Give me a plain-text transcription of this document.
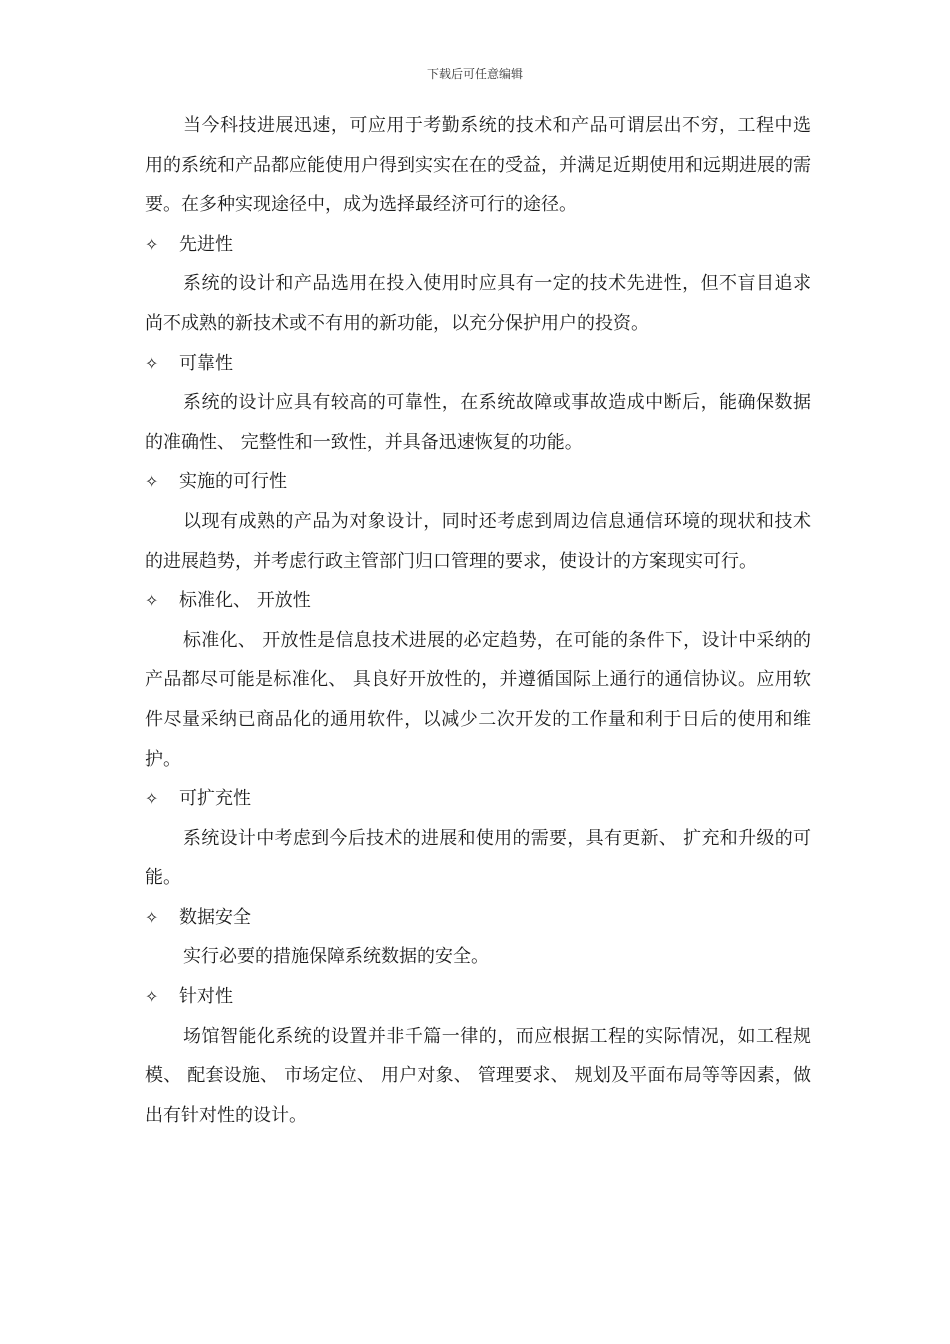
下载后可任意编辑

当今科技进展迅速，可应用于考勤系统的技术和产品可谓层出不穷，工程中选用的系统和产品都应能使用户得到实实在在的受益，并满足近期使用和远期进展的需要。在多种实现途径中，成为选择最经济可行的途径。

✧	先进性

系统的设计和产品选用在投入使用时应具有一定的技术先进性，但不盲目追求尚不成熟的新技术或不有用的新功能，以充分保护用户的投资。

✧	可靠性

系统的设计应具有较高的可靠性，在系统故障或事故造成中断后，能确保数据的准确性、 完整性和一致性，并具备迅速恢复的功能。

✧	实施的可行性

以现有成熟的产品为对象设计，同时还考虑到周边信息通信环境的现状和技术的进展趋势，并考虑行政主管部门归口管理的要求，使设计的方案现实可行。

✧	标准化、 开放性

标准化、 开放性是信息技术进展的必定趋势，在可能的条件下，设计中采纳的产品都尽可能是标准化、 具良好开放性的，并遵循国际上通行的通信协议。应用软件尽量采纳已商品化的通用软件，以减少二次开发的工作量和利于日后的使用和维护。

✧	可扩充性

系统设计中考虑到今后技术的进展和使用的需要，具有更新、 扩充和升级的可能。

✧	数据安全

实行必要的措施保障系统数据的安全。

✧	针对性

场馆智能化系统的设置并非千篇一律的，而应根据工程的实际情况，如工程规模、 配套设施、 市场定位、 用户对象、 管理要求、 规划及平面布局等等因素，做出有针对性的设计。
